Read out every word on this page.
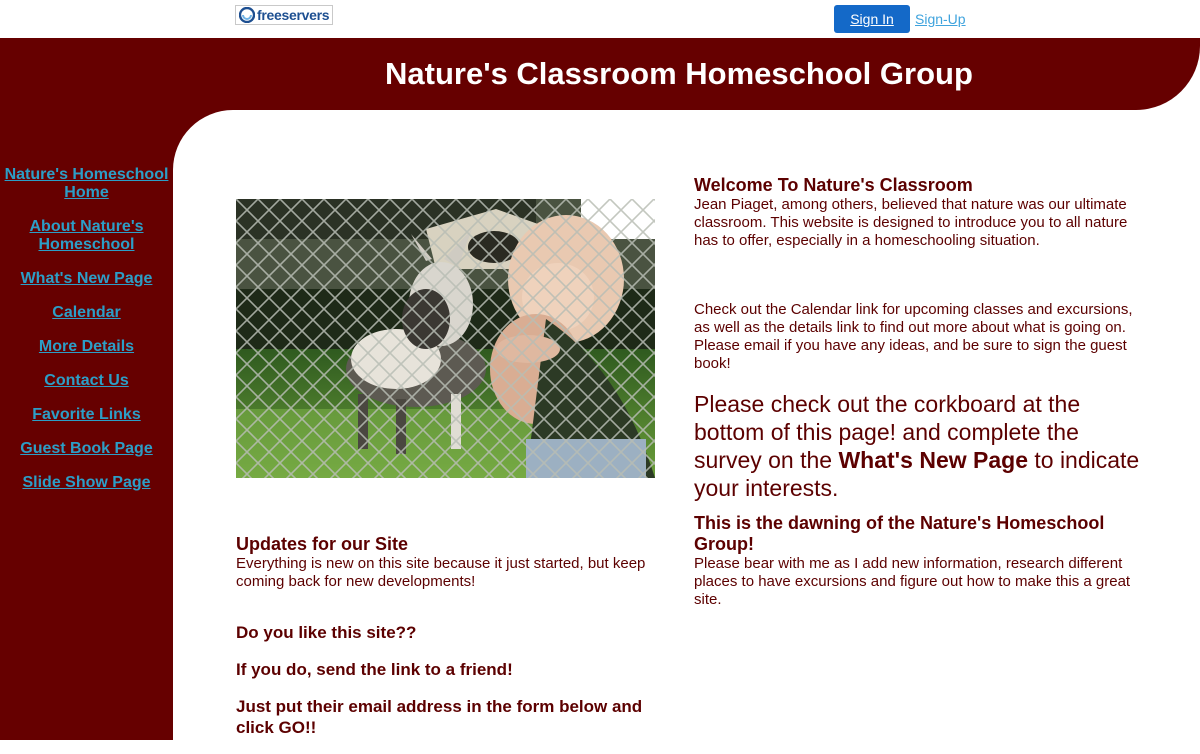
freeservers	Sign In	Sign-Up
Nature's Classroom Homeschool Group
Nature's Homeschool Home
About Nature's Homeschool
What's New Page
Calendar
More Details
Contact Us
Favorite Links
Guest Book Page
Slide Show Page

Updates for our Site

Everything is new on this site because it just started, but keep coming back for new developments!

Do you like this site??

If you do, send the link to a friend!

Just put their email address in the form below and click GO!!

Welcome To Nature's Classroom

Jean Piaget, among others, believed that nature was our ultimate classroom. This website is designed to introduce you to all nature has to offer, especially in a homeschooling situation.

Check out the Calendar link for upcoming classes and excursions, as well as the details link to find out more about what is going on. Please email if you have any ideas, and be sure to sign the guest book!

Please check out the corkboard at the bottom of this page! and complete the survey on the What's New Page to indicate your interests.

This is the dawning of the Nature's Homeschool Group!

Please bear with me as I add new information, research different places to have excursions and figure out how to make this a great site.
